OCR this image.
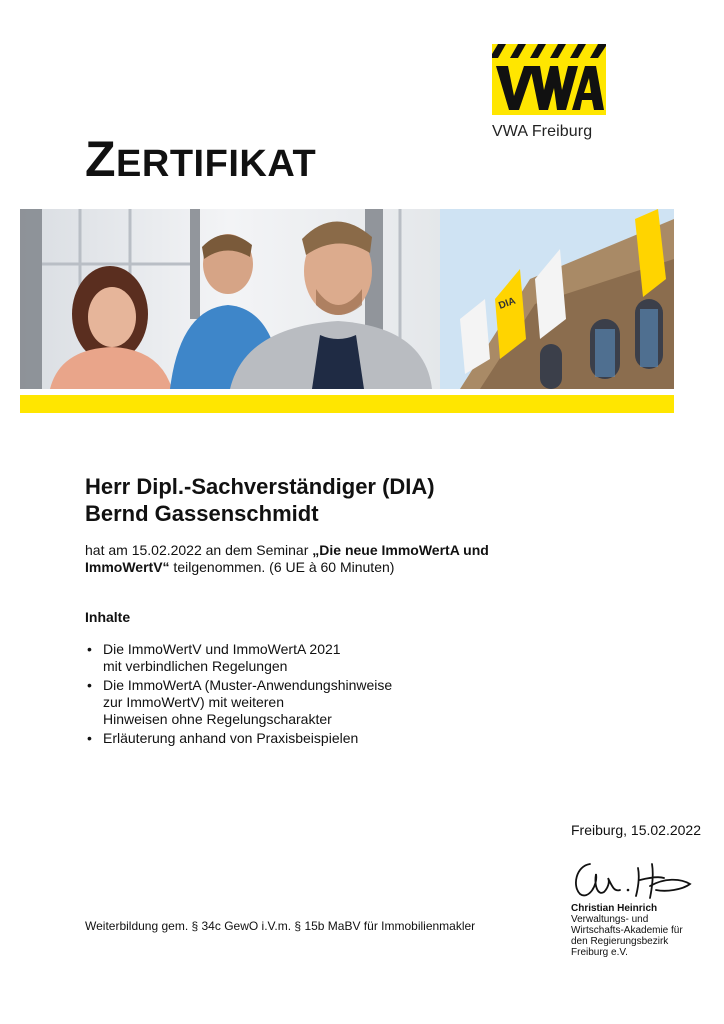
VWA Freiburg
ZERTIFIKAT
DIA
Herr Dipl.-Sachverständiger (DIA)
Bernd Gassenschmidt
hat am 15.02.2022 an dem Seminar „Die neue ImmoWertA und ImmoWertV“ teilgenommen. (6 UE à 60 Minuten)
Inhalte
• Die ImmoWertV und ImmoWertA 2021
mit verbindlichen Regelungen
• Die ImmoWertA (Muster-Anwendungshinweise
zur ImmoWertV) mit weiteren
Hinweisen ohne Regelungscharakter
• Erläuterung anhand von Praxisbeispielen
Freiburg, 15.02.2022
Christian Heinrich
Verwaltungs- und
Wirtschafts-Akademie für
den Regierungsbezirk
Freiburg e.V.
Weiterbildung gem. § 34c GewO i.V.m. § 15b MaBV für Immobilienmakler
